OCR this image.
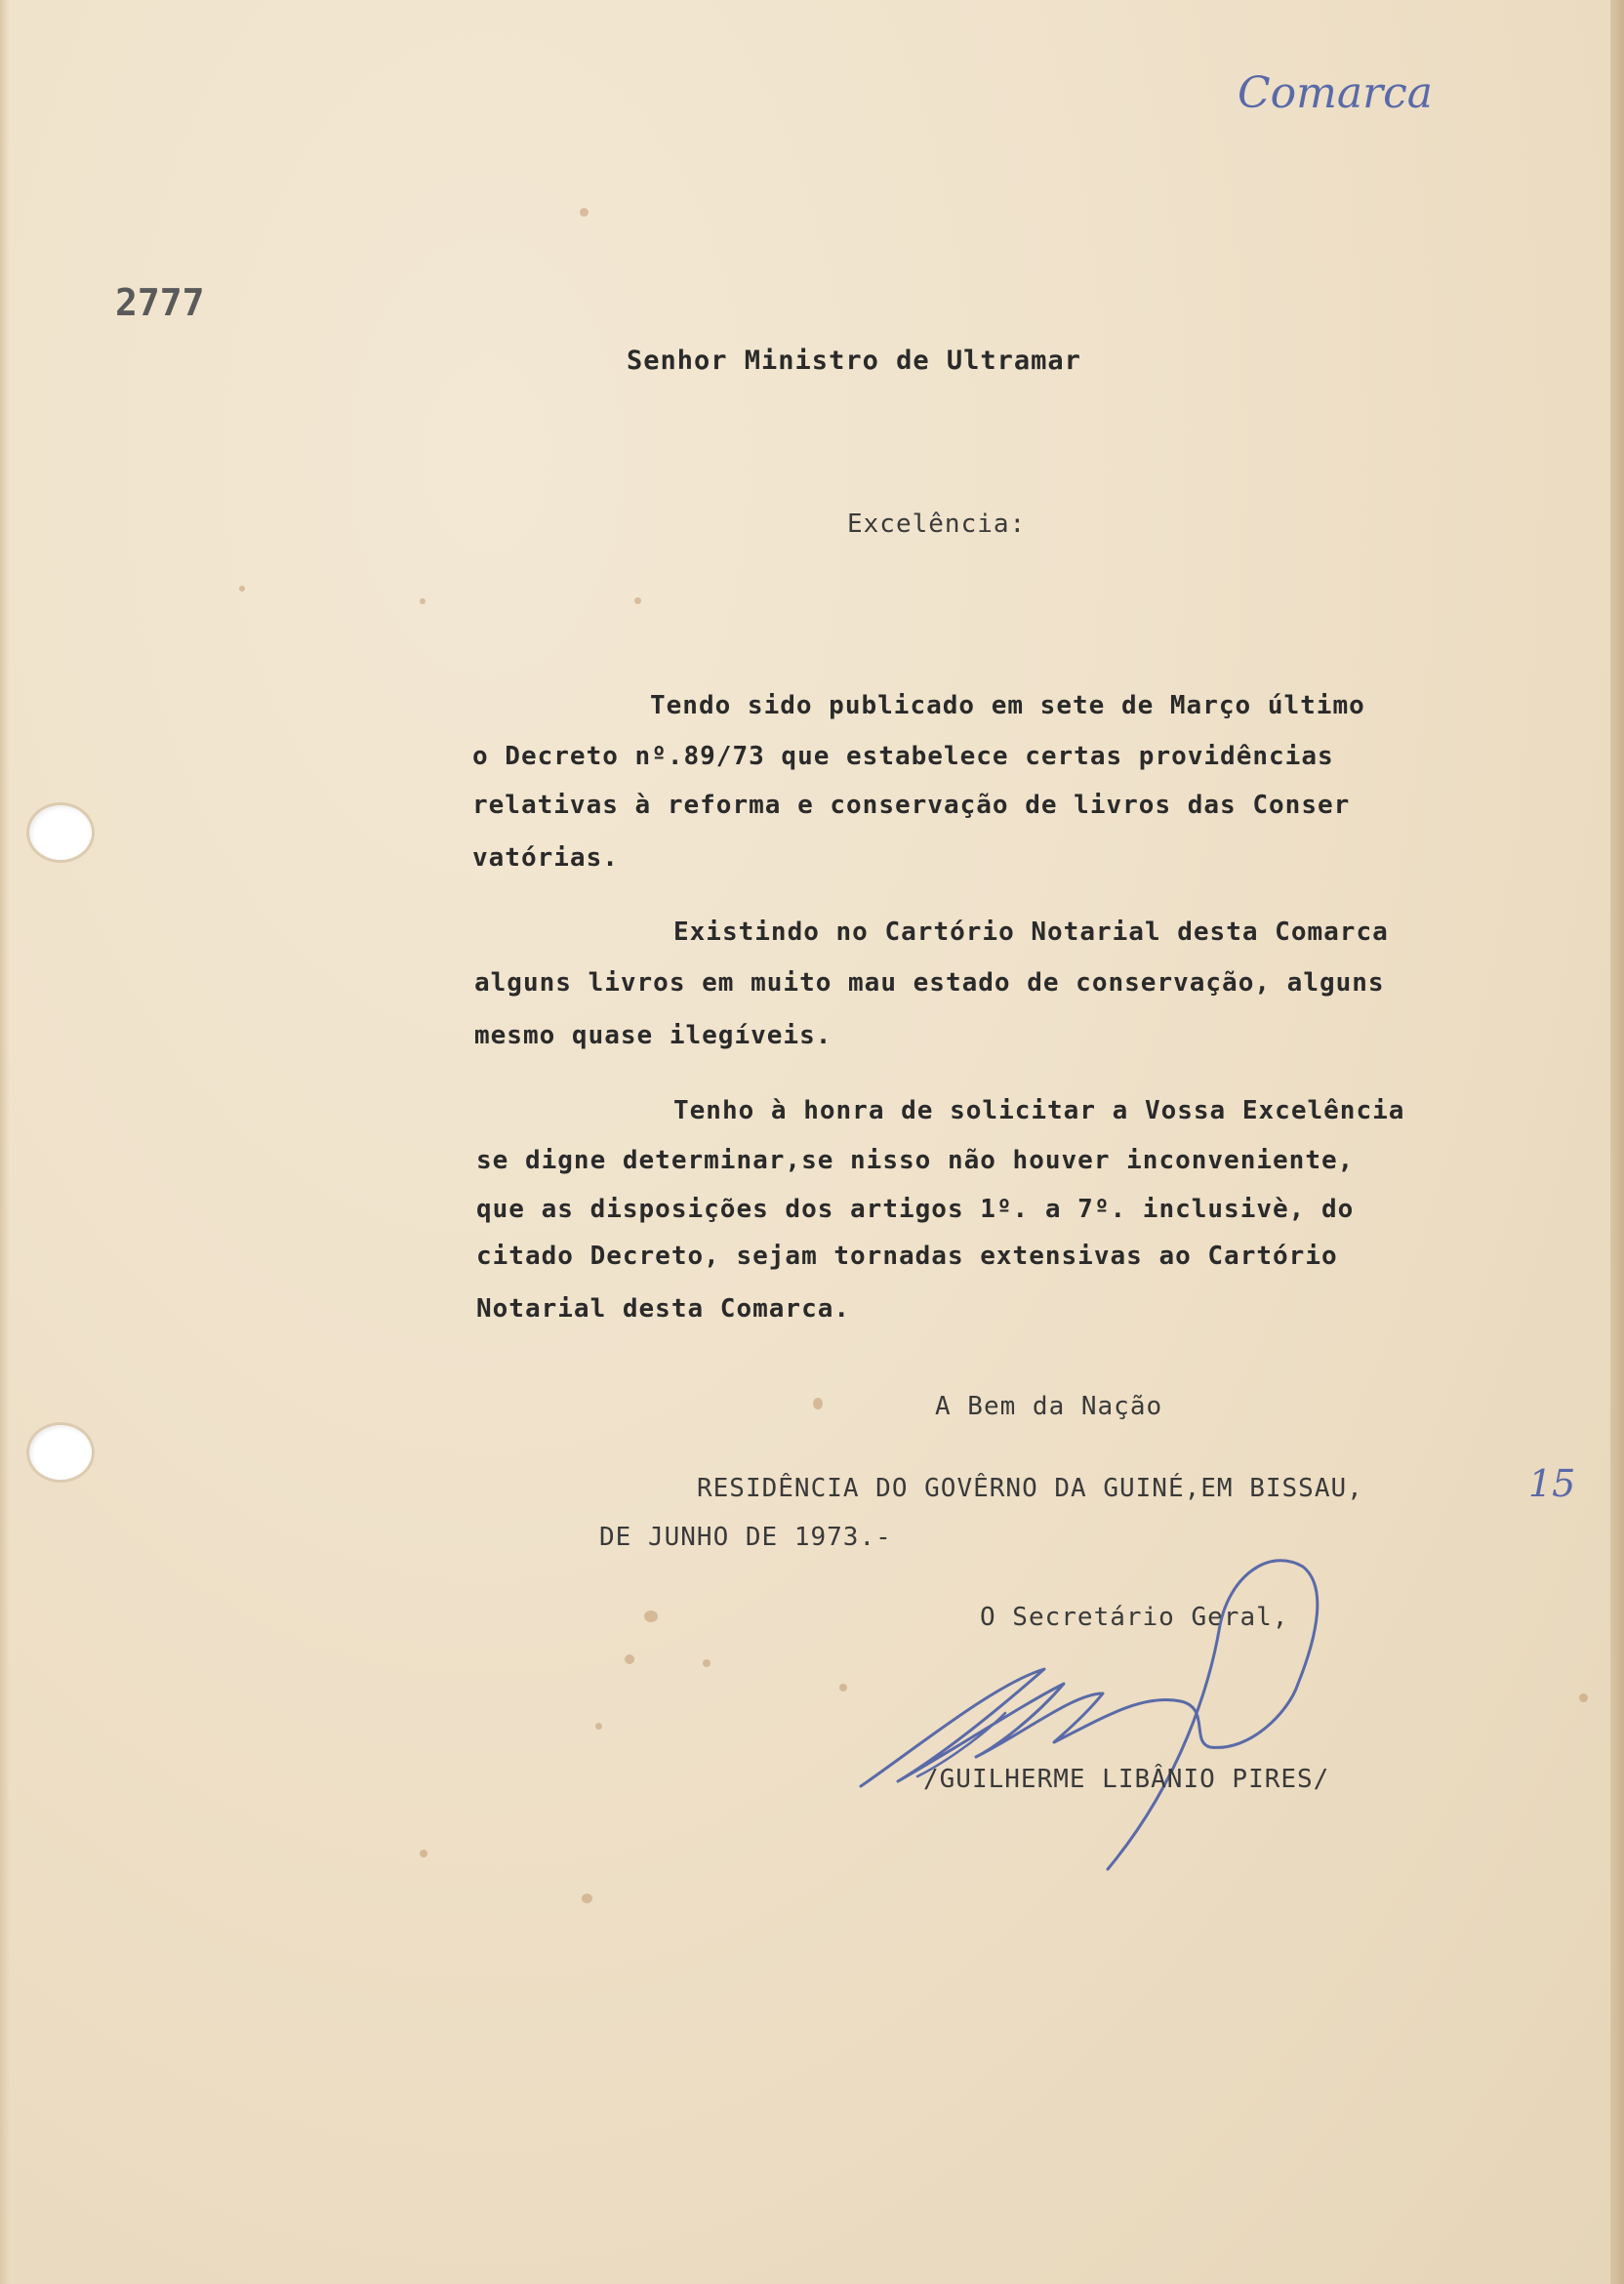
Comarca
2777
Senhor Ministro de Ultramar
Excelência:
Tendo sido publicado em sete de Março último
o Decreto nº.89/73 que estabelece certas providências
relativas à reforma e conservação de livros das Conser
vatórias.
Existindo no Cartório Notarial desta Comarca
alguns livros em muito mau estado de conservação, alguns
mesmo quase ilegíveis.
Tenho à honra de solicitar a Vossa Excelência
se digne determinar,se nisso não houver inconveniente,
que as disposições dos artigos 1º. a 7º. inclusivè, do
citado Decreto, sejam tornadas extensivas ao Cartório
Notarial desta Comarca.
A Bem da Nação
RESIDÊNCIA DO GOVÊRNO DA GUINÉ,EM BISSAU,	15
DE JUNHO DE 1973.-
O Secretário Geral,
/GUILHERME LIBÂNIO PIRES/
